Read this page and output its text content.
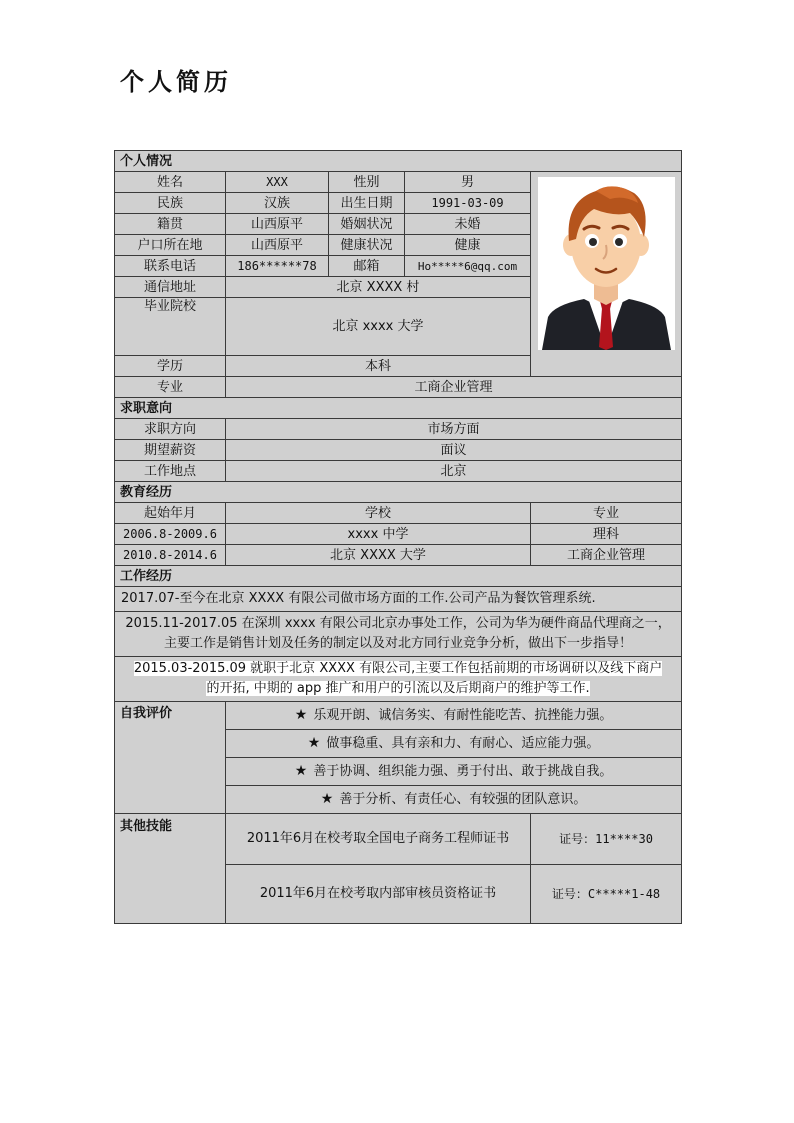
个人简历
个人情况				
姓名	XXX	性别	男	
民族	汉族	出生日期	1991-03-09	
籍贯	山西原平	婚姻状况	未婚	
户口所在地	山西原平	健康状况	健康	
联系电话	186******78	邮箱	Ho*****6@qq.com	
通信地址	北京 XXXX 村			
毕业院校	北京 xxxx 大学			

学历	本科			
专业	工商企业管理			
求职意向				
求职方向	市场方面			
期望薪资	面议			
工作地点	北京			
教育经历				
起始年月	学校			专业
2006.8-2009.6	xxxx 中学			理科
2010.8-2014.6	北京 XXXX 大学			工商企业管理
工作经历				
2017.07-至今在北京 XXXX 有限公司做市场方面的工作.公司产品为餐饮管理系统.				
2015.11-2017.05 在深圳 xxxx 有限公司北京办事处工作，公司为华为硬件商品代理商之一，主要工作是销售计划及任务的制定以及对北方同行业竞争分析，做出下一步指导！				
2015.03-2015.09 就职于北京 XXXX 有限公司,主要工作包括前期的市场调研以及线下商户
的开拓, 中期的 app 推广和用户的引流以及后期商户的维护等工作.				
自我评价	★ 乐观开朗、诚信务实、有耐性能吃苦、抗挫能力强。			
	★ 做事稳重、具有亲和力、有耐心、适应能力强。			
	★ 善于协调、组织能力强、勇于付出、敢于挑战自我。			
	★ 善于分析、有责任心、有较强的团队意识。			
其他技能	2011年6月在校考取全国电子商务工程师证书			证号：11****30
	2011年6月在校考取内部审核员资格证书			证号：C*****1-48
